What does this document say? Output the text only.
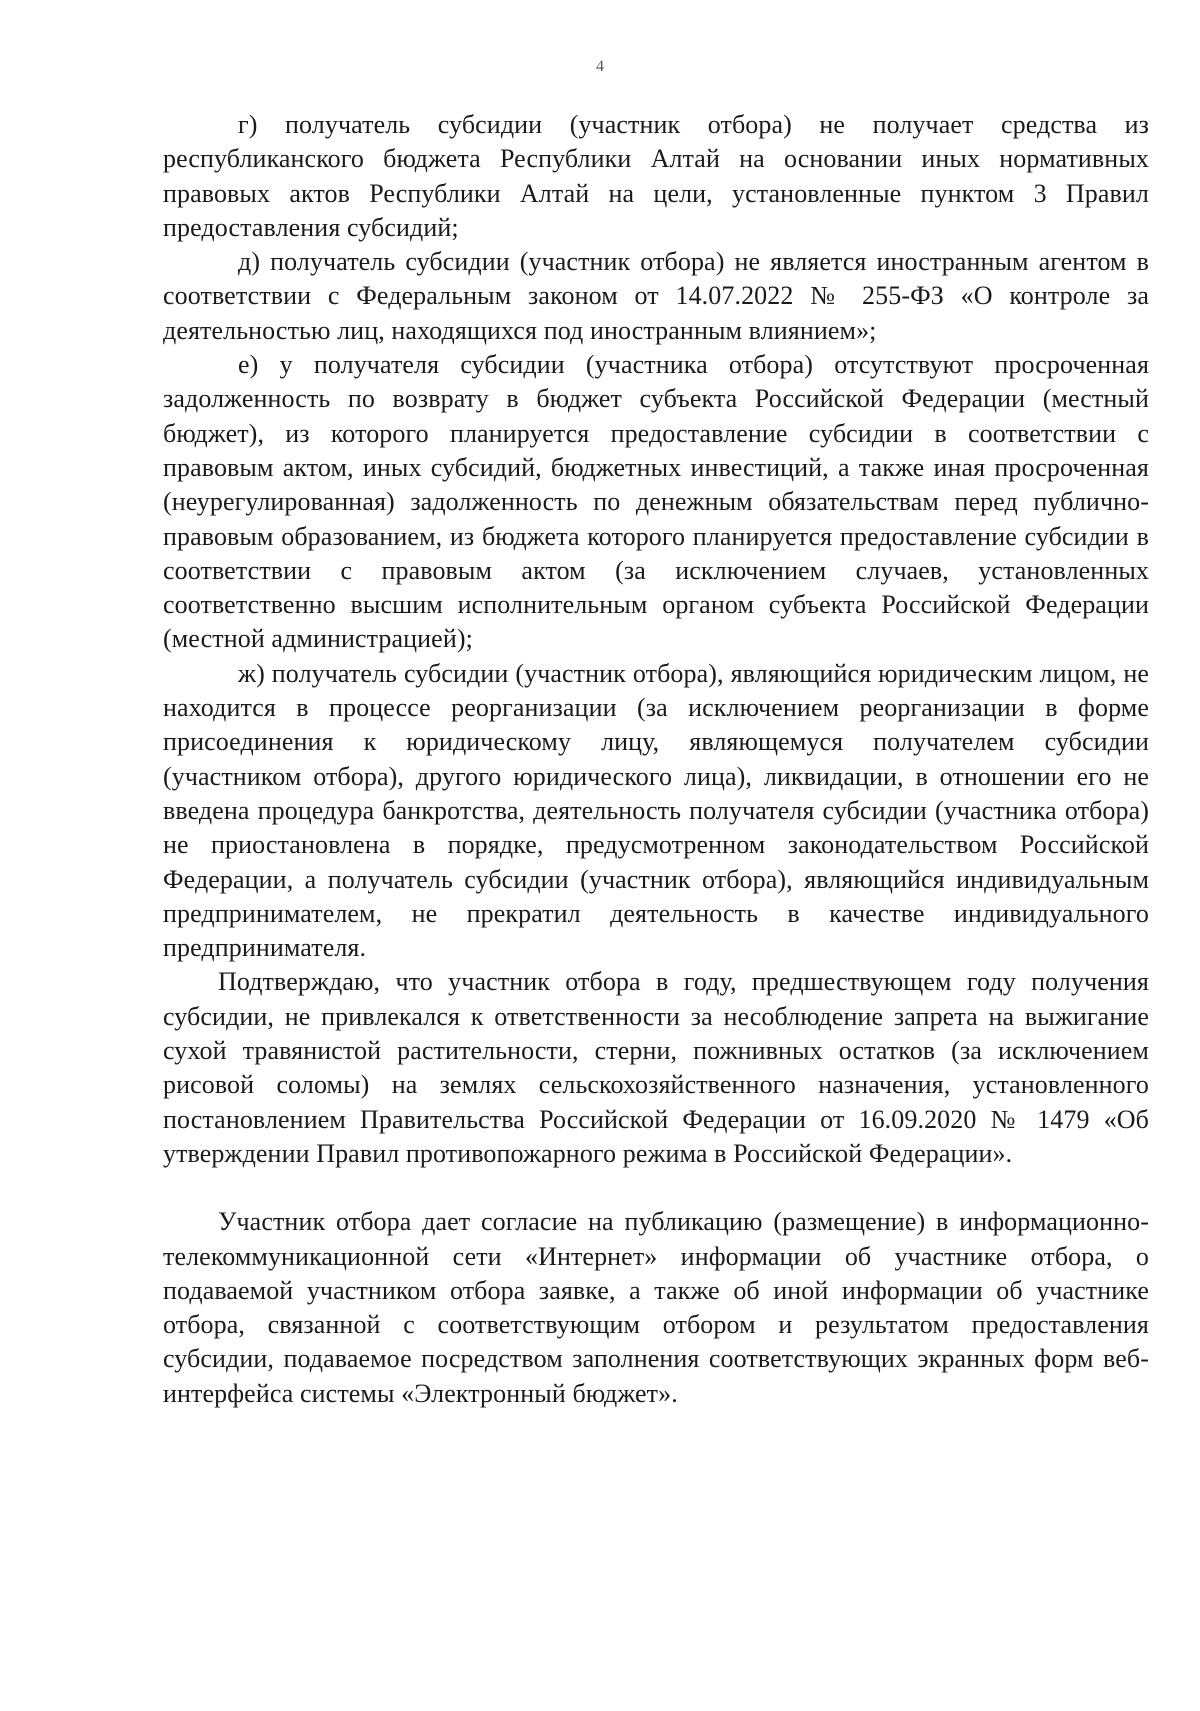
4

г) получатель субсидии (участник отбора) не получает средства из республиканского бюджета Республики Алтай на основании иных нормативных правовых актов Республики Алтай на цели, установленные пунктом 3 Правил предоставления субсидий;

д) получатель субсидии (участник отбора) не является иностранным агентом в соответствии с Федеральным законом от 14.07.2022 № 255-ФЗ «О контроле за деятельностью лиц, находящихся под иностранным влиянием»;

е) у получателя субсидии (участника отбора) отсутствуют просроченная задолженность по возврату в бюджет субъекта Российской Федерации (местный бюджет), из которого планируется предоставление субсидии в соответствии с правовым актом, иных субсидий, бюджетных инвестиций, а также иная просроченная (неурегулированная) задолженность по денежным обязательствам перед публично-правовым образованием, из бюджета которого планируется предоставление субсидии в соответствии с правовым актом (за исключением случаев, установленных соответственно высшим исполнительным органом субъекта Российской Федерации (местной администрацией);

ж) получатель субсидии (участник отбора), являющийся юридическим лицом, не находится в процессе реорганизации (за исключением реорганизации в форме присоединения к юридическому лицу, являющемуся получателем субсидии (участником отбора), другого юридического лица), ликвидации, в отношении его не введена процедура банкротства, деятельность получателя субсидии (участника отбора) не приостановлена в порядке, предусмотренном законодательством Российской Федерации, а получатель субсидии (участник отбора), являющийся индивидуальным предпринимателем, не прекратил деятельность в качестве индивидуального предпринимателя.

Подтверждаю, что участник отбора в году, предшествующем году получения субсидии, не привлекался к ответственности за несоблюдение запрета на выжигание сухой травянистой растительности, стерни, пожнивных остатков (за исключением рисовой соломы) на землях сельскохозяйственного назначения, установленного постановлением Правительства Российской Федерации от 16.09.2020 № 1479 «Об утверждении Правил противопожарного режима в Российской Федерации».

Участник отбора дает согласие на публикацию (размещение) в информационно-телекоммуникационной сети «Интернет» информации об участнике отбора, о подаваемой участником отбора заявке, а также об иной информации об участнике отбора, связанной с соответствующим отбором и результатом предоставления субсидии, подаваемое посредством заполнения соответствующих экранных форм веб-интерфейса системы «Электронный бюджет».
